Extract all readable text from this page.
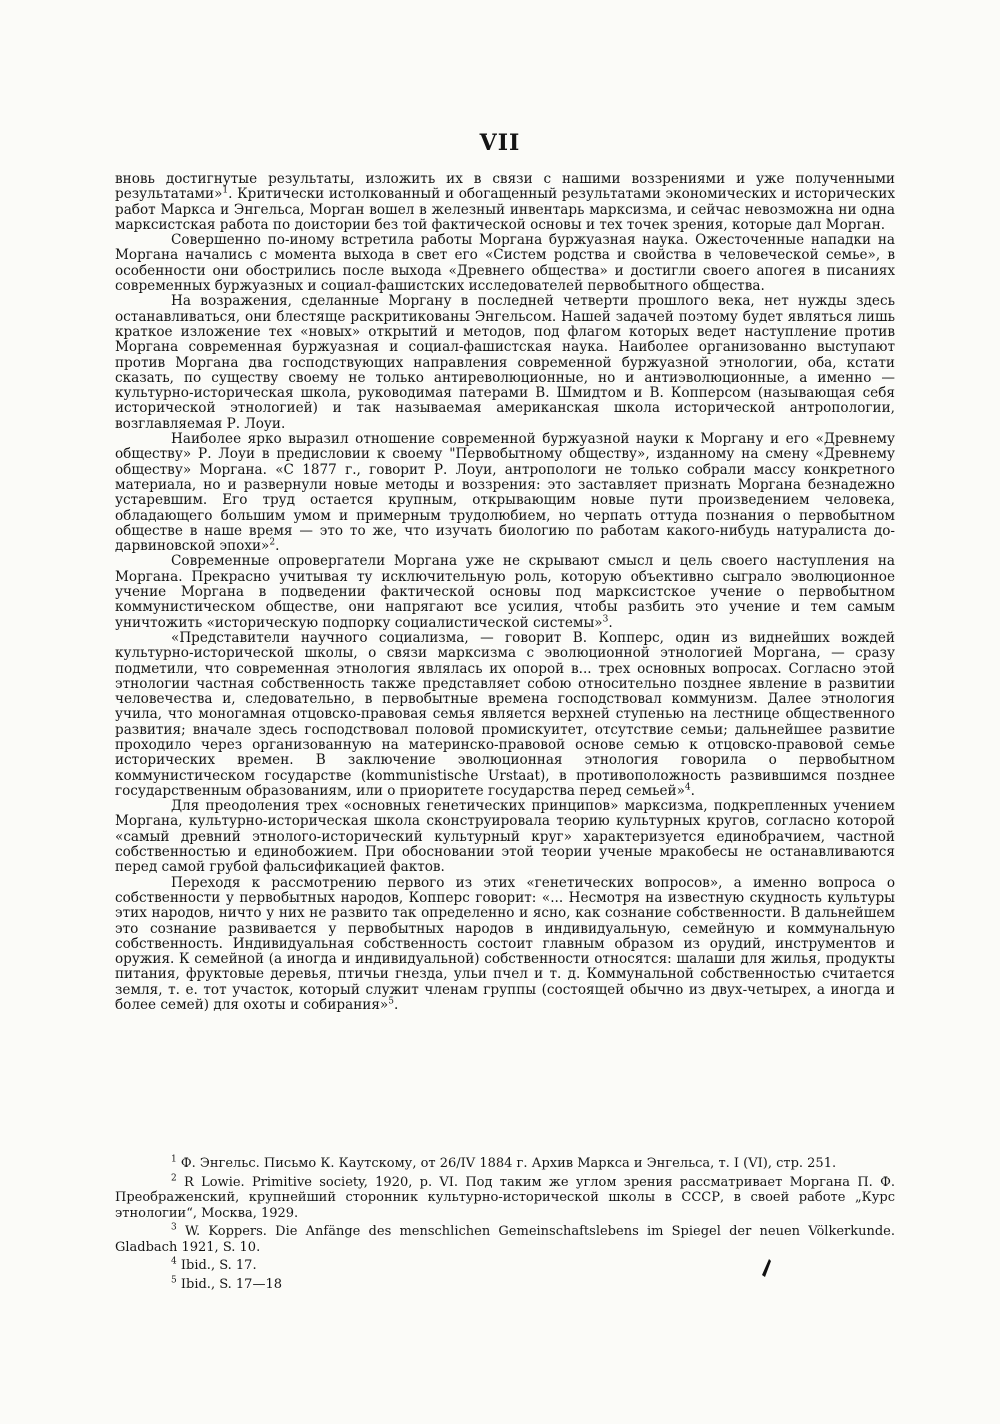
VII

вновь достигнутые результаты, изложить их в связи с нашими воззрениями и уже полученными результатами»$^1$. Критически истолкованный и обогащенный результатами экономических и исторических работ Маркса и Энгельса, Морган вошел в железный инвентарь марксизма, и сейчас невозможна ни одна марксистская работа по доистории без той фактической основы и тех точек зрения, которые дал Морган.

Совершенно по-иному встретила работы Моргана буржуазная наука. Ожесточенные нападки на Моргана начались с момента выхода в свет его «Систем родства и свойства в человеческой семье», в особенности они обострились после выхода «Древнего общества» и достигли своего апогея в писаниях современных буржуазных и социал-фашистских исследователей первобытного общества.

На возражения, сделанные Моргану в последней четверти прошлого века, нет нужды здесь останавливаться, они блестяще раскритикованы Энгельсом. Нашей задачей поэтому будет являться лишь краткое изложение тех «новых» открытий и методов, под флагом которых ведет наступление против Моргана современная буржуазная и социал-фашистская наука. Наиболее организованно выступают против Моргана два господствующих направления современной буржуазной этнологии, оба, кстати сказать, по существу своему не только антиреволюционные, но и антиэволюционные, а именно — культурно-историческая школа, руководимая патерами В. Шмидтом и В. Копперсом (называющая себя исторической этнологией) и так называемая американская школа исторической антропологии, возглавляемая Р. Лоуи.

Наиболее ярко выразил отношение современной буржуазной науки к Моргану и его «Древнему обществу» Р. Лоуи в предисловии к своему "Первобытному обществу», изданному на смену «Древнему обществу» Моргана. «С 1877 г., говорит Р. Лоуи, антропологи не только собрали массу конкретного материала, но и развернули новые методы и воззрения: это заставляет признать Моргана безнадежно устаревшим. Его труд остается крупным, открывающим новые пути произведением человека, обладающего большим умом и примерным трудолюбием, но черпать оттуда познания о первобытном обществе в наше время — это то же, что изучать биологию по работам какого-нибудь натуралиста до-дарвиновской эпохи»$^2$.

Современные опровергатели Моргана уже не скрывают смысл и цель своего наступления на Моргана. Прекрасно учитывая ту исключительную роль, которую объективно сыграло эволюционное учение Моргана в подведении фактической основы под марксистское учение о первобытном коммунистическом обществе, они напрягают все усилия, чтобы разбить это учение и тем самым уничтожить «историческую подпорку социалистической системы»$^3$.

«Представители научного социализма, — говорит В. Копперс, один из виднейших вождей культурно-исторической школы, о связи марксизма с эволюционной этнологией Моргана, — сразу подметили, что современная этнология являлась их опорой в... трех основных вопросах. Согласно этой этнологии частная собственность также представляет собою относительно позднее явление в развитии человечества и, следовательно, в первобытные времена господствовал коммунизм. Далее этнология учила, что моногамная отцовско-правовая семья является верхней ступенью на лестнице общественного развития; вначале здесь господствовал половой промискуитет, отсутствие семьи; дальнейшее развитие проходило через организованную на материнско-правовой основе семью к отцовско-правовой семье исторических времен. В заключение эволюционная этнология говорила о первобытном коммунистическом государстве (kommunistische Urstaat), в противоположность развившимся позднее государственным образованиям, или о приоритете государства перед семьей»$^4$.

Для преодоления трех «основных генетических принципов» марксизма, подкрепленных учением Моргана, культурно-историческая школа сконструировала теорию культурных кругов, согласно которой «самый древний этнолого-исторический культурный круг» характеризуется единобрачием, частной собственностью и единобожием. При обосновании этой теории ученые мракобесы не останавливаются перед самой грубой фальсификацией фактов.

Переходя к рассмотрению первого из этих «генетических вопросов», а именно вопроса о собственности у первобытных народов, Копперс говорит: «... Несмотря на известную скудность культуры этих народов, ничто у них не развито так определенно и ясно, как сознание собственности. В дальнейшем это сознание развивается у первобытных народов в индивидуальную, семейную и коммунальную собственность. Индивидуальная собственность состоит главным образом из орудий, инструментов и оружия. К семейной (а иногда и индивидуальной) собственности относятся: шалаши для жилья, продукты питания, фруктовые деревья, птичьи гнезда, ульи пчел и т. д. Коммунальной собственностью считается земля, т. е. тот участок, который служит членам группы (состоящей обычно из двух-четырех, а иногда и более семей) для охоты и собирания»$^5$.

$^1$ Ф. Энгельс. Письмо К. Каутскому, от 26/IV 1884 г. Архив Маркса и Энгельса, т. I (VI), стр. 251.

$^2$ R Lowie. Primitive society, 1920, p. VI. Под таким же углом зрения рассматривает Моргана П. Ф. Преображенский, крупнейший сторонник культурно-исторической школы в СССР, в своей работе „Курс этнологии“, Москва, 1929.

$^3$ W. Koppers. Die Anfänge des menschlichen Gemeinschaftslebens im Spiegel der neuen Völkerkunde. Gladbach 1921, S. 10.

$^4$ Ibid., S. 17.

$^5$ Ibid., S. 17—18
